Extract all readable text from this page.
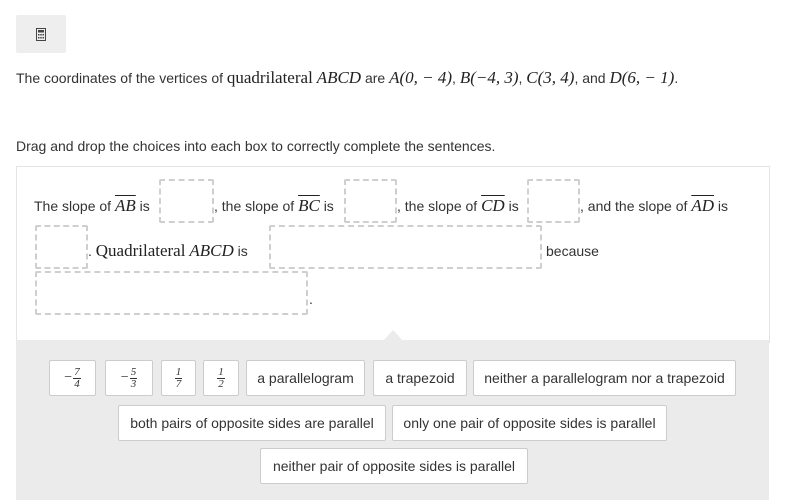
The coordinates of the vertices of quadrilateral ABCD are A(0, − 4), B(−4, 3), C(3, 4), and D(6, − 1).
Drag and drop the choices into each box to correctly complete the sentences.
The slope of $\overline{AB}$ is	, the slope of $\overline{BC}$ is	, the slope of $\overline{CD}$ is	, and the slope of $\overline{AD}$ is
. Quadrilateral ABCD is	because
.
− $\frac{7}{4}$	− $\frac{5}{3}$	$\frac{1}{7}$	$\frac{1}{2}$	a parallelogram	a trapezoid	neither a parallelogram nor a trapezoid
both pairs of opposite sides are parallel	only one pair of opposite sides is parallel
neither pair of opposite sides is parallel
